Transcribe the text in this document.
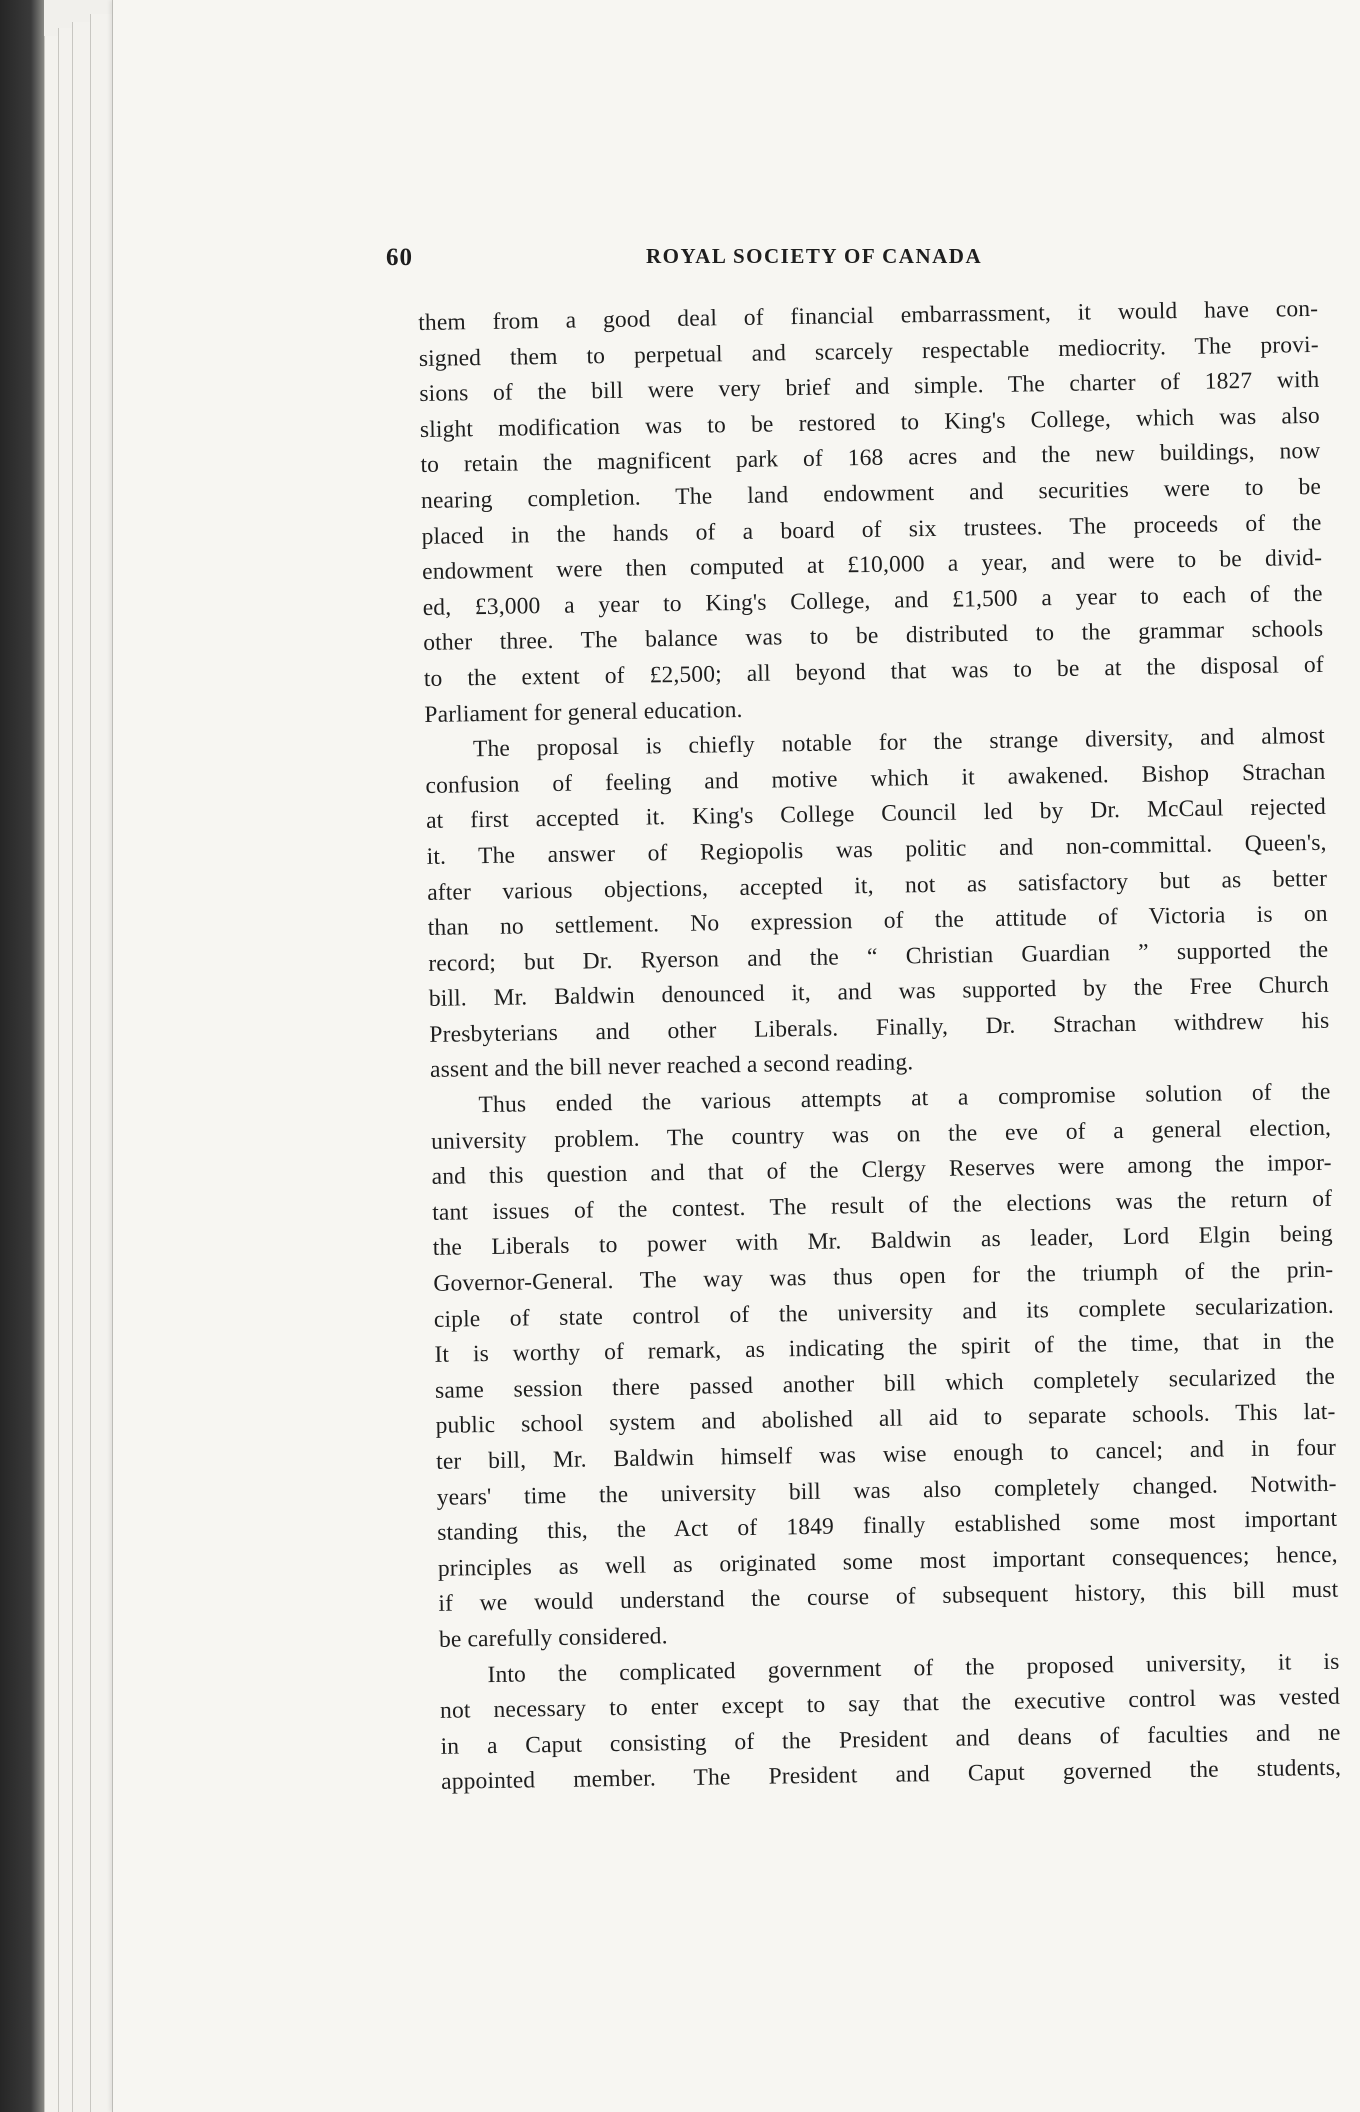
60	ROYAL SOCIETY OF CANADA
them from a good deal of financial embarrassment, it would have con-
signed them to perpetual and scarcely respectable mediocrity. The provi-
sions of the bill were very brief and simple. The charter of 1827 with
slight modification was to be restored to King's College, which was also
to retain the magnificent park of 168 acres and the new buildings, now
nearing completion. The land endowment and securities were to be
placed in the hands of a board of six trustees. The proceeds of the
endowment were then computed at £10,000 a year, and were to be divid-
ed, £3,000 a year to King's College, and £1,500 a year to each of the
other three. The balance was to be distributed to the grammar schools
to the extent of £2,500; all beyond that was to be at the disposal of
Parliament for general education.
The proposal is chiefly notable for the strange diversity, and almost
confusion of feeling and motive which it awakened. Bishop Strachan
at first accepted it. King's College Council led by Dr. McCaul rejected
it. The answer of Regiopolis was politic and non-committal. Queen's,
after various objections, accepted it, not as satisfactory but as better
than no settlement. No expression of the attitude of Victoria is on
record; but Dr. Ryerson and the “ Christian Guardian ” supported the
bill. Mr. Baldwin denounced it, and was supported by the Free Church
Presbyterians and other Liberals. Finally, Dr. Strachan withdrew his
assent and the bill never reached a second reading.
Thus ended the various attempts at a compromise solution of the
university problem. The country was on the eve of a general election,
and this question and that of the Clergy Reserves were among the impor-
tant issues of the contest. The result of the elections was the return of
the Liberals to power with Mr. Baldwin as leader, Lord Elgin being
Governor-General. The way was thus open for the triumph of the prin-
ciple of state control of the university and its complete secularization.
It is worthy of remark, as indicating the spirit of the time, that in the
same session there passed another bill which completely secularized the
public school system and abolished all aid to separate schools. This lat-
ter bill, Mr. Baldwin himself was wise enough to cancel; and in four
years' time the university bill was also completely changed. Notwith-
standing this, the Act of 1849 finally established some most important
principles as well as originated some most important consequences; hence,
if we would understand the course of subsequent history, this bill must
be carefully considered.
Into the complicated government of the proposed university, it is
not necessary to enter except to say that the executive control was vested
in a Caput consisting of the President and deans of faculties and ne
appointed member. The President and Caput governed the students,
